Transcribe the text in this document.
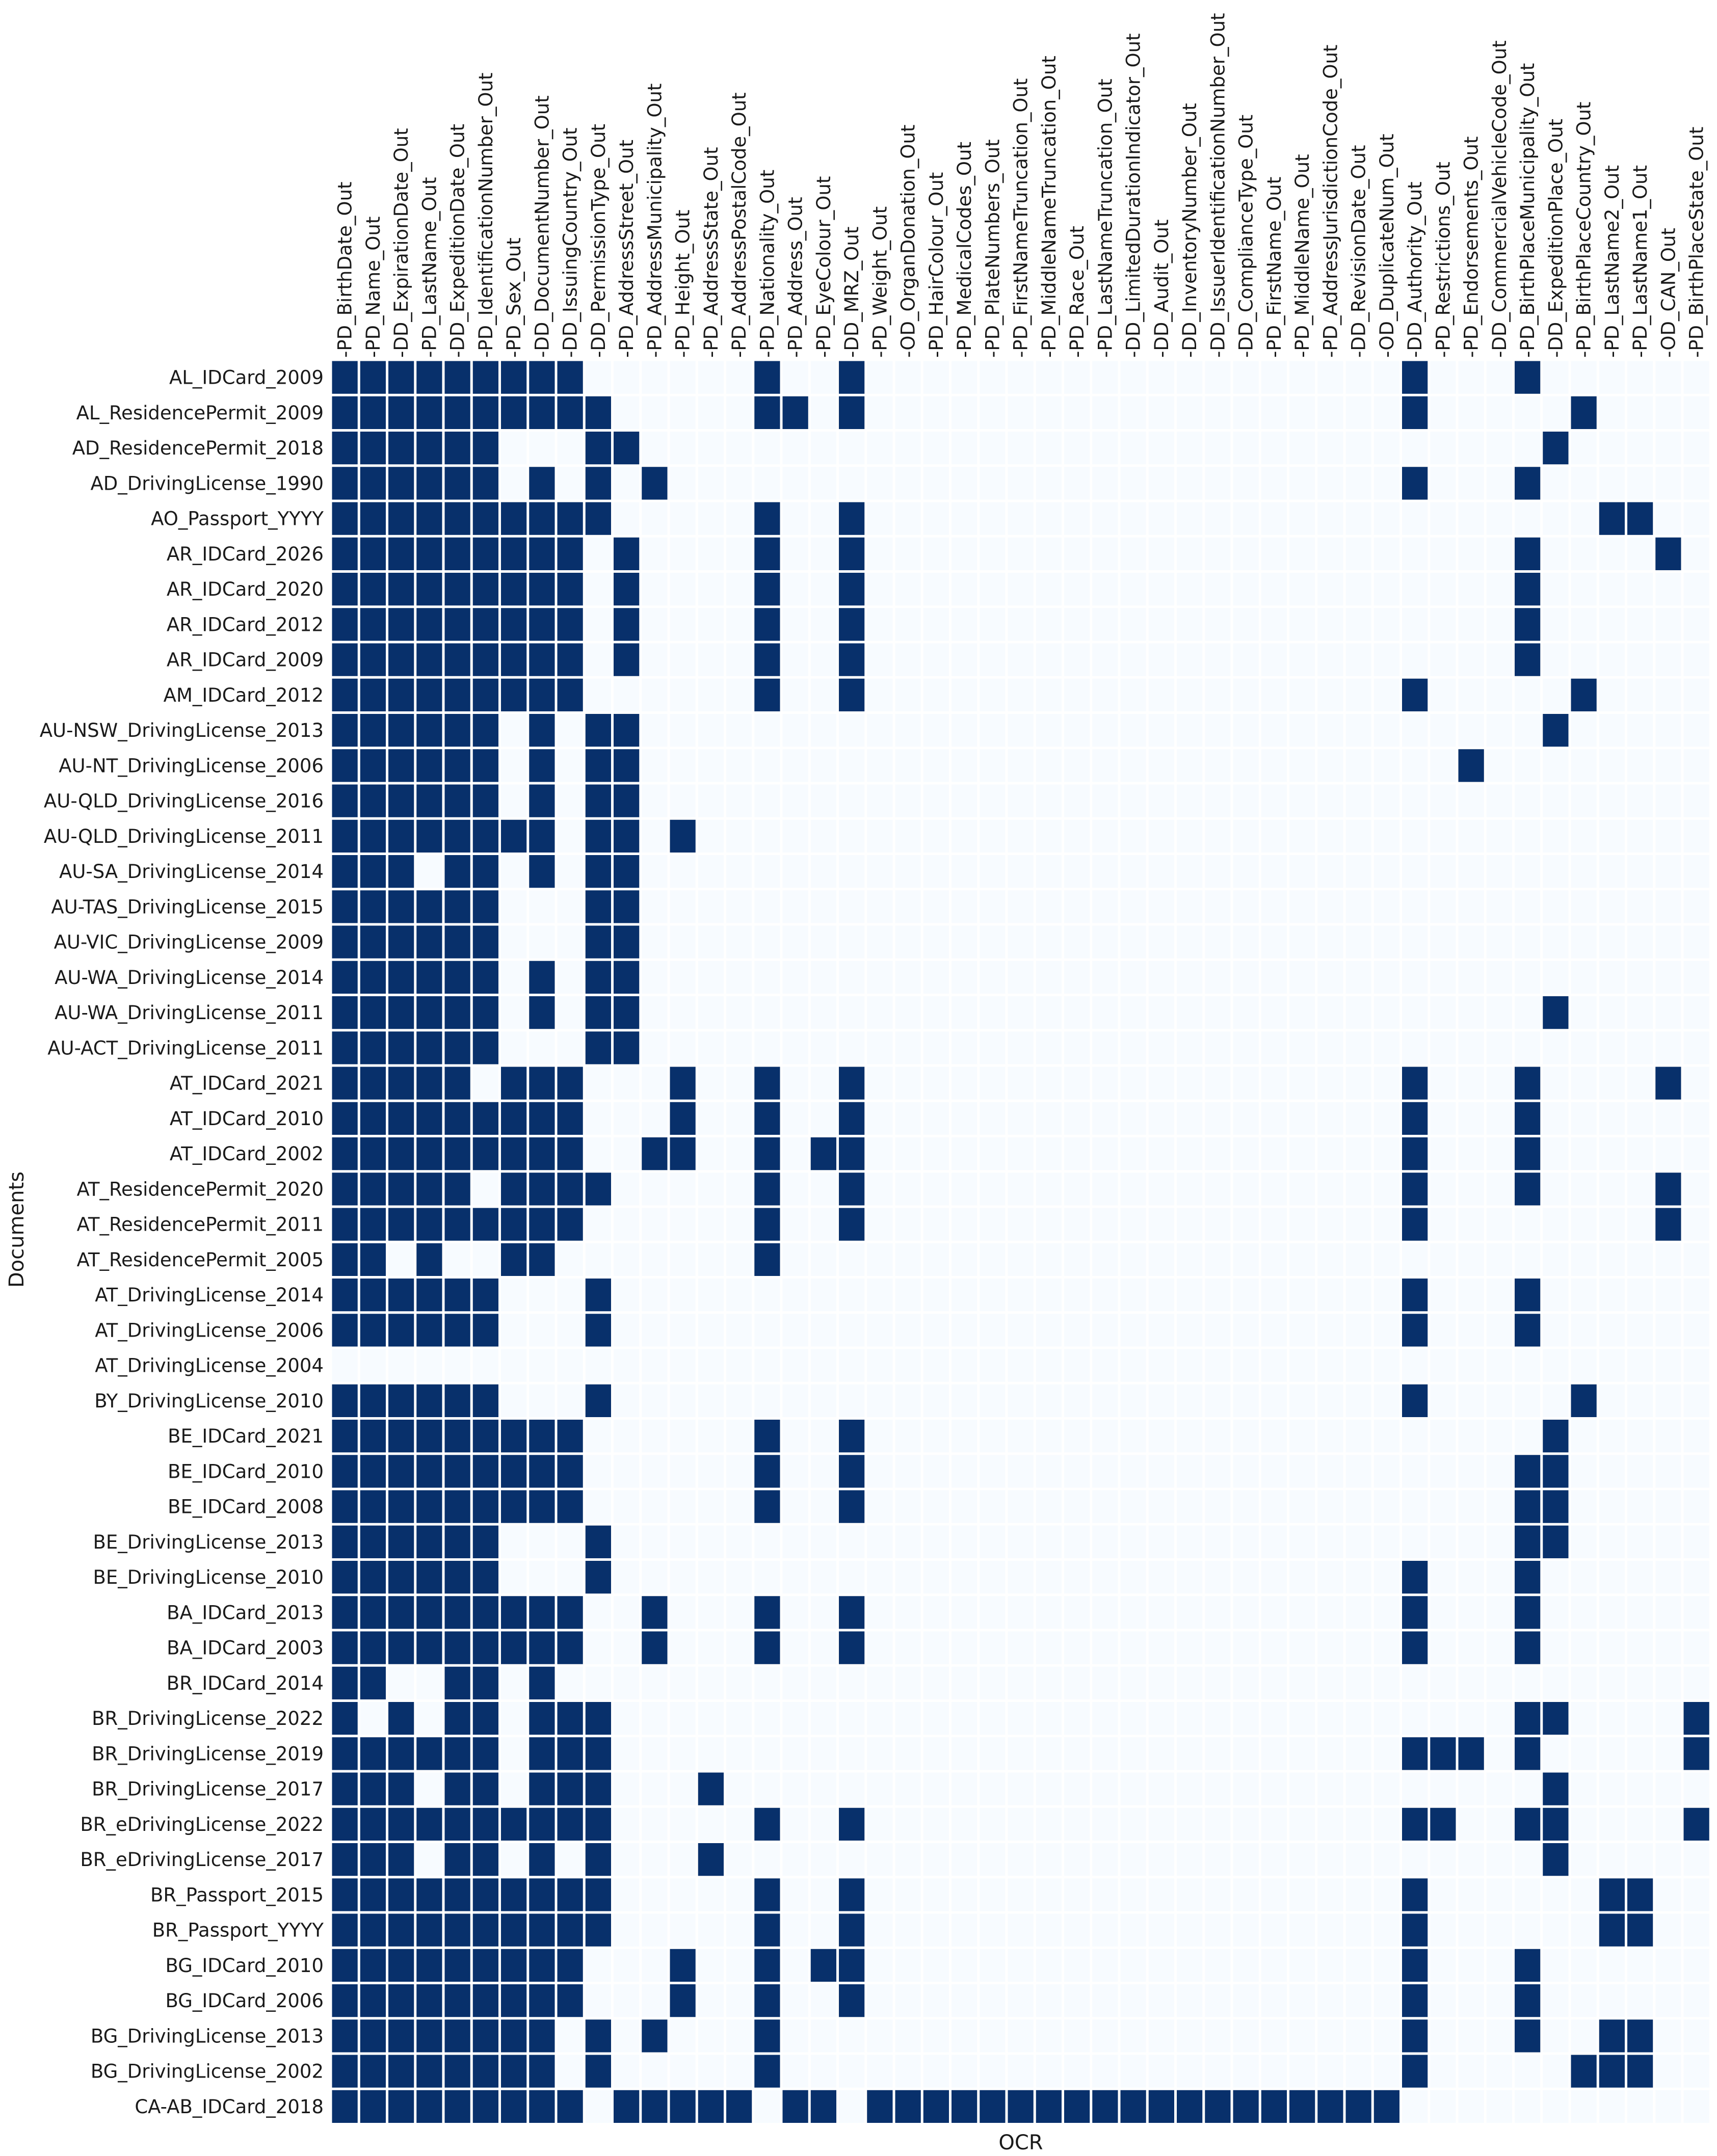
AL_IDCard_2009
AL_ResidencePermit_2009
AD_ResidencePermit_2018
AD_DrivingLicense_1990
AO_Passport_YYYY
AR_IDCard_2026
AR_IDCard_2020
AR_IDCard_2012
AR_IDCard_2009
AM_IDCard_2012
AU-NSW_DrivingLicense_2013
AU-NT_DrivingLicense_2006
AU-QLD_DrivingLicense_2016
AU-QLD_DrivingLicense_2011
AU-SA_DrivingLicense_2014
AU-TAS_DrivingLicense_2015
AU-VIC_DrivingLicense_2009
AU-WA_DrivingLicense_2014
AU-WA_DrivingLicense_2011
AU-ACT_DrivingLicense_2011
AT_IDCard_2021
AT_IDCard_2010
AT_IDCard_2002
AT_ResidencePermit_2020
AT_ResidencePermit_2011
AT_ResidencePermit_2005
AT_DrivingLicense_2014
AT_DrivingLicense_2006
AT_DrivingLicense_2004
BY_DrivingLicense_2010
BE_IDCard_2021
BE_IDCard_2010
BE_IDCard_2008
BE_DrivingLicense_2013
BE_DrivingLicense_2010
BA_IDCard_2013
BA_IDCard_2003
BR_IDCard_2014
BR_DrivingLicense_2022
BR_DrivingLicense_2019
BR_DrivingLicense_2017
BR_eDrivingLicense_2022
BR_eDrivingLicense_2017
BR_Passport_2015
BR_Passport_YYYY
BG_IDCard_2010
BG_IDCard_2006
BG_DrivingLicense_2013
BG_DrivingLicense_2002
CA-AB_IDCard_2018
-PD_BirthDate_Out -PD_Name_Out -DD_ExpirationDate_Out -PD_LastName_Out -DD_ExpeditionDate_Out -PD_IdentificationNumber_Out -PD_Sex_Out -DD_DocumentNumber_Out -DD_IssuingCountry_Out -DD_PermissionType_Out -PD_AddressStreet_Out -PD_AddressMunicipality_Out -PD_Height_Out -PD_AddressState_Out -PD_AddressPostalCode_Out -PD_Nationality_Out -PD_Address_Out -PD_EyeColour_Out -DD_MRZ_Out -PD_Weight_Out -OD_OrganDonation_Out -PD_HairColour_Out -PD_MedicalCodes_Out -PD_PlateNumbers_Out -PD_FirstNameTruncation_Out -PD_MiddleNameTruncation_Out -PD_Race_Out -PD_LastNameTruncation_Out -DD_LimitedDurationIndicator_Out -DD_Audit_Out -DD_InventoryNumber_Out -DD_IssuerIdentificationNumber_Out -DD_ComplianceType_Out -PD_FirstName_Out -PD_MiddleName_Out -PD_AddressJurisdictionCode_Out -DD_RevisionDate_Out -OD_DuplicateNum_Out -DD_Authority_Out -PD_Restrictions_Out -PD_Endorsements_Out -DD_CommercialVehicleCode_Out -PD_BirthPlaceMunicipality_Out -DD_ExpeditionPlace_Out -PD_BirthPlaceCountry_Out -PD_LastName2_Out -PD_LastName1_Out -OD_CAN_Out -PD_BirthPlaceState_Out
OCR
Documents
